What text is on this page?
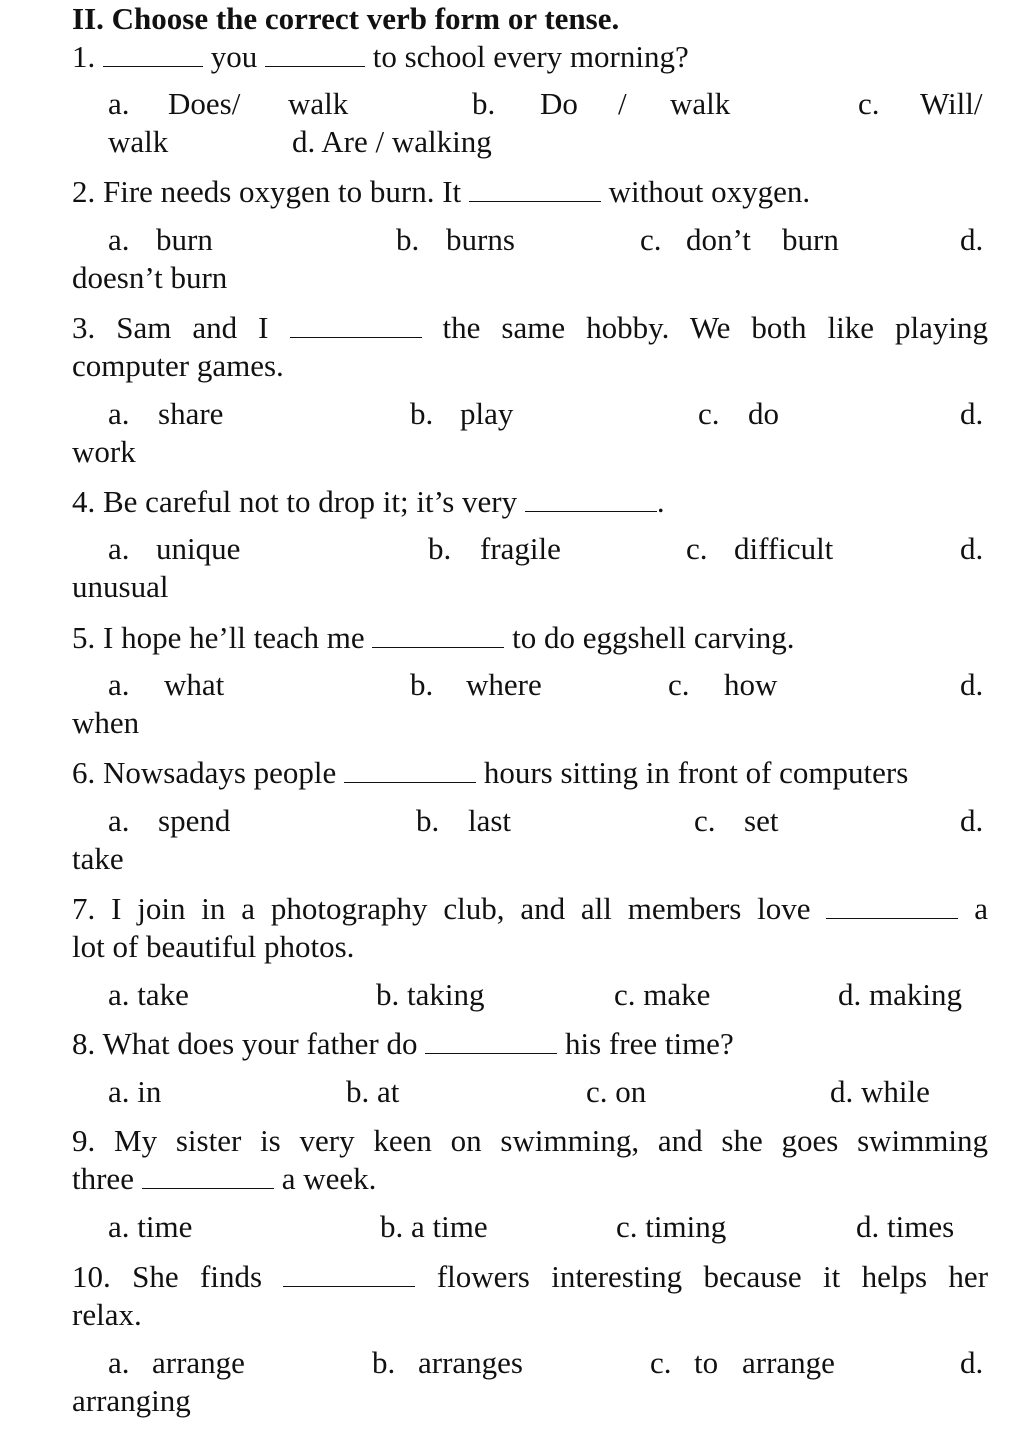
II. Choose the correct verb form or tense.
1.	you	to school every morning?
a. Does/ walk	b. Do / walk	c. Will/
walk	d. Are / walking
2. Fire needs oxygen to burn. It	without oxygen.
a. burn	b. burns	c. don’t burn	d.
doesn’t burn
3. Sam and I	the same hobby. We both like playing
computer games.
a. share	b. play	c. do	d.
work
4. Be careful not to drop it; it’s very	.
a. unique	b. fragile	c. difficult	d.
unusual
5. I hope he’ll teach me	to do eggshell carving.
a. what	b. where	c. how	d.
when
6. Nowsadays people	hours sitting in front of computers
a. spend	b. last	c. set	d.
take
7. I join in a photography club, and all members love	a
lot of beautiful photos.
a. take	b. taking	c. make	d. making
8. What does your father do	his free time?
a. in	b. at	c. on	d. while
9. My sister is very keen on swimming, and she goes swimming
three	a week.
a. time	b. a time	c. timing	d. times
10. She finds	flowers interesting because it helps her
relax.
a. arrange	b. arranges	c. to arrange	d.
arranging
